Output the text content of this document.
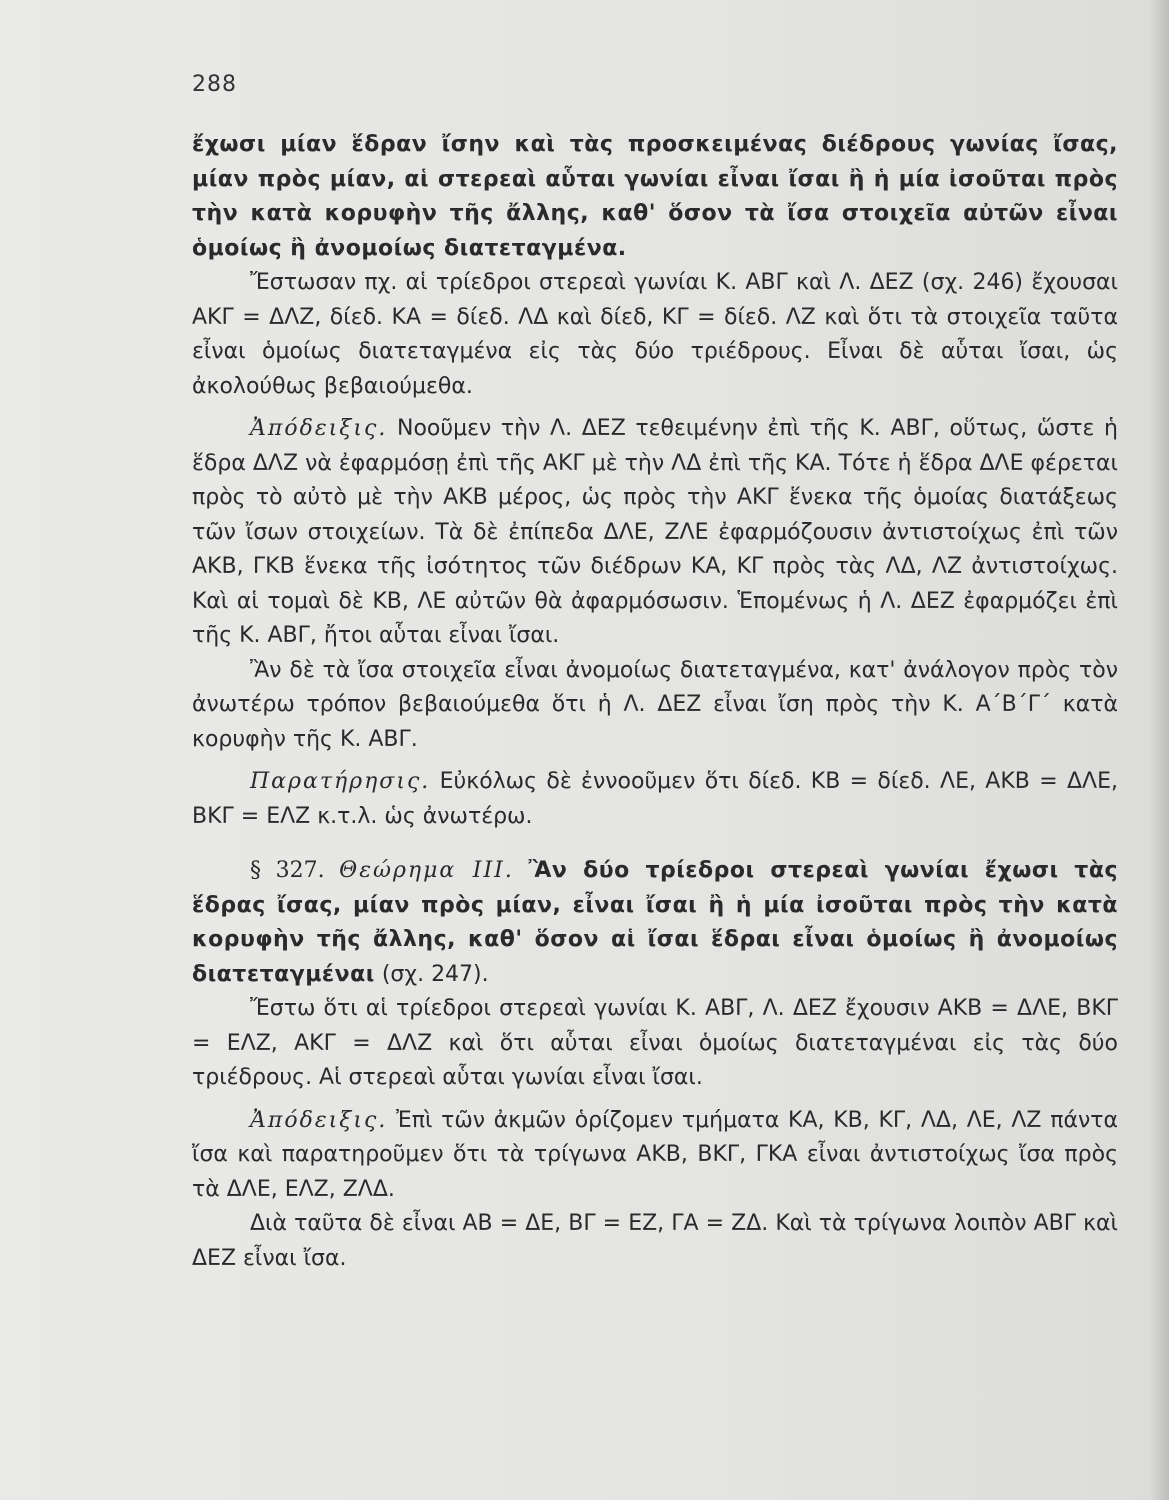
288

ἔχωσι μίαν ἕδραν ἴσην καὶ τὰς προσκειμένας διέδρους γωνίας ἴσας, μίαν πρὸς μίαν, αἱ στερεαὶ αὗται γωνίαι εἶναι ἴσαι ἢ ἡ μία ἰσοῦται πρὸς τὴν κατὰ κορυφὴν τῆς ἄλλης, καθ' ὅσον τὰ ἴσα στοιχεῖα αὐτῶν εἶναι ὁμοίως ἢ ἀνομοίως διατεταγμένα.

Ἔστωσαν πχ. αἱ τρίεδροι στερεαὶ γωνίαι Κ. ΑΒΓ καὶ Λ. ΔΕΖ (σχ. 246) ἔχουσαι ΑΚΓ = ΔΛΖ, δίεδ. ΚΑ = δίεδ. ΛΔ καὶ δίεδ, ΚΓ = δίεδ. ΛΖ καὶ ὅτι τὰ στοιχεῖα ταῦτα εἶναι ὁμοίως διατεταγμένα εἰς τὰς δύο τριέδρους. Εἶναι δὲ αὗται ἴσαι, ὡς ἀκολούθως βεβαιούμεθα.

Ἀπόδειξις. Νοοῦμεν τὴν Λ. ΔΕΖ τεθειμένην ἐπὶ τῆς Κ. ΑΒΓ, οὕτως, ὥστε ἡ ἕδρα ΔΛΖ νὰ ἐφαρμόσῃ ἐπὶ τῆς ΑΚΓ μὲ τὴν ΛΔ ἐπὶ τῆς ΚΑ. Τότε ἡ ἕδρα ΔΛΕ φέρεται πρὸς τὸ αὐτὸ μὲ τὴν ΑΚΒ μέρος, ὡς πρὸς τὴν ΑΚΓ ἕνεκα τῆς ὁμοίας διατάξεως τῶν ἴσων στοιχείων. Τὰ δὲ ἐπίπεδα ΔΛΕ, ΖΛΕ ἐφαρμόζουσιν ἀντιστοίχως ἐπὶ τῶν ΑΚΒ, ΓΚΒ ἕνεκα τῆς ἰσότητος τῶν διέδρων ΚΑ, ΚΓ πρὸς τὰς ΛΔ, ΛΖ ἀντιστοίχως. Καὶ αἱ τομαὶ δὲ ΚΒ, ΛΕ αὐτῶν θὰ ἀφαρμόσωσιν. Ἑπομένως ἡ Λ. ΔΕΖ ἐφαρμόζει ἐπὶ τῆς Κ. ΑΒΓ, ἤτοι αὗται εἶναι ἴσαι.

Ἂν δὲ τὰ ἴσα στοιχεῖα εἶναι ἀνομοίως διατεταγμένα, κατ' ἀνάλογον πρὸς τὸν ἀνωτέρω τρόπον βεβαιούμεθα ὅτι ἡ Λ. ΔΕΖ εἶναι ἴση πρὸς τὴν Κ. Α΄Β΄Γ΄ κατὰ κορυφὴν τῆς Κ. ΑΒΓ.

Παρατήρησις. Εὐκόλως δὲ ἐννοοῦμεν ὅτι δίεδ. ΚΒ = δίεδ. ΛΕ, ΑΚΒ = ΔΛΕ, ΒΚΓ = ΕΛΖ κ.τ.λ. ὡς ἀνωτέρω.

§ 327. Θεώρημα ΙΙΙ. Ἂν δύο τρίεδροι στερεαὶ γωνίαι ἔχωσι τὰς ἕδρας ἴσας, μίαν πρὸς μίαν, εἶναι ἴσαι ἢ ἡ μία ἰσοῦται πρὸς τὴν κατὰ κορυφὴν τῆς ἄλλης, καθ' ὅσον αἱ ἴσαι ἕδραι εἶναι ὁμοίως ἢ ἀνομοίως διατεταγμέναι (σχ. 247).

Ἔστω ὅτι αἱ τρίεδροι στερεαὶ γωνίαι Κ. ΑΒΓ, Λ. ΔΕΖ ἔχουσιν ΑΚΒ = ΔΛΕ, ΒΚΓ = ΕΛΖ, ΑΚΓ = ΔΛΖ καὶ ὅτι αὗται εἶναι ὁμοίως διατεταγμέναι εἰς τὰς δύο τριέδρους. Αἱ στερεαὶ αὗται γωνίαι εἶναι ἴσαι.

Ἀπόδειξις. Ἐπὶ τῶν ἀκμῶν ὁρίζομεν τμήματα ΚΑ, ΚΒ, ΚΓ, ΛΔ, ΛΕ, ΛΖ πάντα ἴσα καὶ παρατηροῦμεν ὅτι τὰ τρίγωνα ΑΚΒ, ΒΚΓ, ΓΚΑ εἶναι ἀντιστοίχως ἴσα πρὸς τὰ ΔΛΕ, ΕΛΖ, ΖΛΔ.

Διὰ ταῦτα δὲ εἶναι ΑΒ = ΔΕ, ΒΓ = ΕΖ, ΓΑ = ΖΔ. Καὶ τὰ τρίγωνα λοιπὸν ΑΒΓ καὶ ΔΕΖ εἶναι ἴσα.
